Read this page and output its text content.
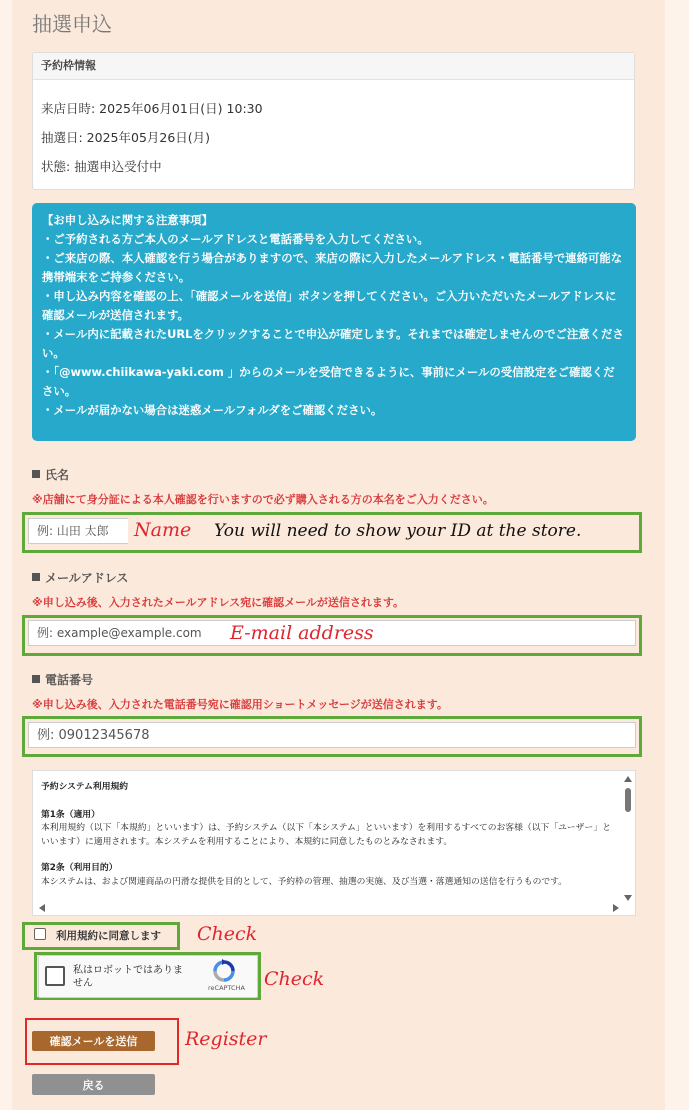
抽選申込
予約枠情報
来店日時: 2025年06月01日(日) 10:30
抽選日: 2025年05月26日(月)
状態: 抽選申込受付中

【お申し込みに関する注意事項】

・ご予約される方ご本人のメールアドレスと電話番号を入力してください。

・ご来店の際、本人確認を行う場合がありますので、来店の際に入力したメールアドレス・電話番号で連絡可能な携帯端末をご持参ください。

・申し込み内容を確認の上、「確認メールを送信」ボタンを押してください。ご入力いただいたメールアドレスに確認メールが送信されます。

・メール内に記載されたURLをクリックすることで申込が確定します。それまでは確定しませんのでご注意ください。

・「@www.chiikawa-yaki.com 」からのメールを受信できるように、事前にメールの受信設定をご確認ください。

・メールが届かない場合は迷惑メールフォルダをご確認ください。

氏名
※店舗にて身分証による本人確認を行いますので必ず購入される方の本名をご入力ください。
例: 山田 太郎
Name You will need to show your ID at the store.
メールアドレス
※申し込み後、入力されたメールアドレス宛に確認メールが送信されます。
例: example@example.com
E-mail address
電話番号
※申し込み後、入力された電話番号宛に確認用ショートメッセージが送信されます。
例: 09012345678
予約システム利用規約
第1条（適用）
本利用規約（以下「本規約」といいます）は、予約システム（以下「本システム」といいます）を利用するすべてのお客様（以下「ユーザー」といいます）に適用されます。本システムを利用することにより、本規約に同意したものとみなされます。
第2条（利用目的）
本システムは、および関連商品の円滑な提供を目的として、予約枠の管理、抽選の実施、及び当選・落選通知の送信を行うものです。
利用規約に同意します Check
私はロボットではありません	reCAPTCHA Check
確認メールを送信	Register
戻る
